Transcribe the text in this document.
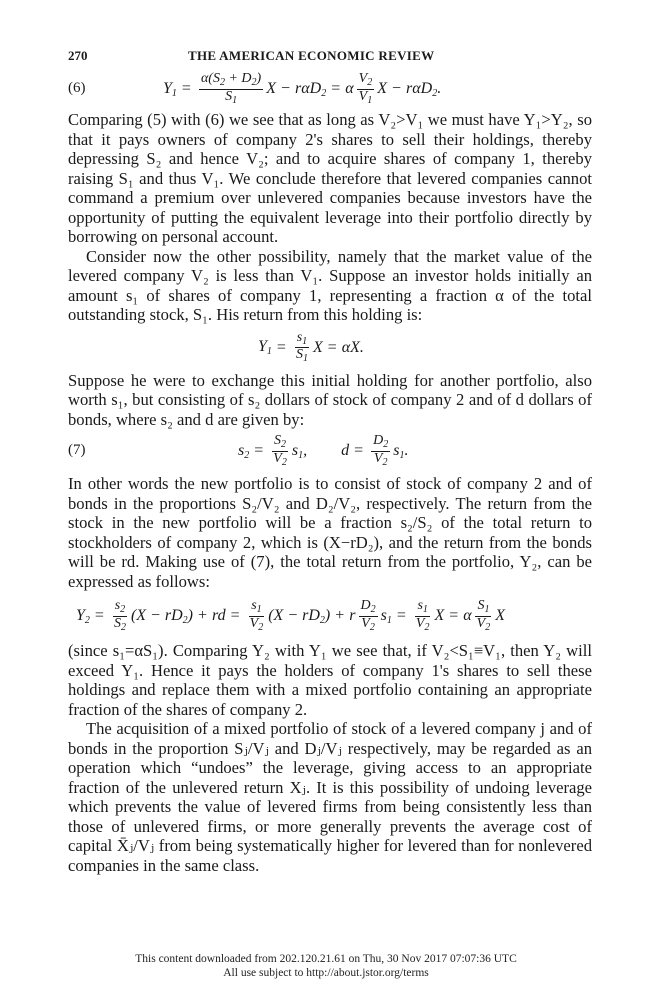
270	THE AMERICAN ECONOMIC REVIEW
(6)	$Y_1 = \frac{\alpha(S_2 + D_2)}{S_1}$ X − rαD$_2$ = α $\frac{V_2}{V_1}$ X − rαD$_2$.

Comparing (5) with (6) we see that as long as V₂>V₁ we must have Y₁>Y₂, so that it pays owners of company 2's shares to sell their holdings, thereby depressing S₂ and hence V₂; and to acquire shares of company 1, thereby raising S₁ and thus V₁. We conclude therefore that levered companies cannot command a premium over unlevered companies because investors have the opportunity of putting the equivalent leverage into their portfolio directly by borrowing on personal account.

Consider now the other possibility, namely that the market value of the levered company V₂ is less than V₁. Suppose an investor holds initially an amount s₁ of shares of company 1, representing a fraction α of the total outstanding stock, S₁. His return from this holding is:

$Y_1 = \frac{s_1}{S_1}$ X = αX.

Suppose he were to exchange this initial holding for another portfolio, also worth s₁, but consisting of s₂ dollars of stock of company 2 and of d dollars of bonds, where s₂ and d are given by:

(7)	$s_2 = \frac{S_2}{V_2} s_1$, $d = \frac{D_2}{V_2} s_1$.

In other words the new portfolio is to consist of stock of company 2 and of bonds in the proportions S₂/V₂ and D₂/V₂, respectively. The return from the stock in the new portfolio will be a fraction s₂/S₂ of the total return to stockholders of company 2, which is (X−rD₂), and the return from the bonds will be rd. Making use of (7), the total return from the portfolio, Y₂, can be expressed as follows:

$Y_2 = \frac{s_2}{S_2} (X - rD_2)$ + rd = $\frac{s_1}{V_2} (X - rD_2) + r \frac{D_2}{V_2} s_1 = \frac{s_1}{V_2}$ X = α $\frac{S_1}{V_2}$ X

(since s₁=αS₁). Comparing Y₂ with Y₁ we see that, if V₂<S₁≡V₁, then Y₂ will exceed Y₁. Hence it pays the holders of company 1's shares to sell these holdings and replace them with a mixed portfolio containing an appropriate fraction of the shares of company 2.

The acquisition of a mixed portfolio of stock of a levered company j and of bonds in the proportion Sⱼ/Vⱼ and Dⱼ/Vⱼ respectively, may be regarded as an operation which “undoes” the leverage, giving access to an appropriate fraction of the unlevered return Xⱼ. It is this possibility of undoing leverage which prevents the value of levered firms from being consistently less than those of unlevered firms, or more generally prevents the average cost of capital X̄ⱼ/Vⱼ from being systematically higher for levered than for nonlevered companies in the same class.

This content downloaded from 202.120.21.61 on Thu, 30 Nov 2017 07:07:36 UTC
All use subject to http://about.jstor.org/terms
